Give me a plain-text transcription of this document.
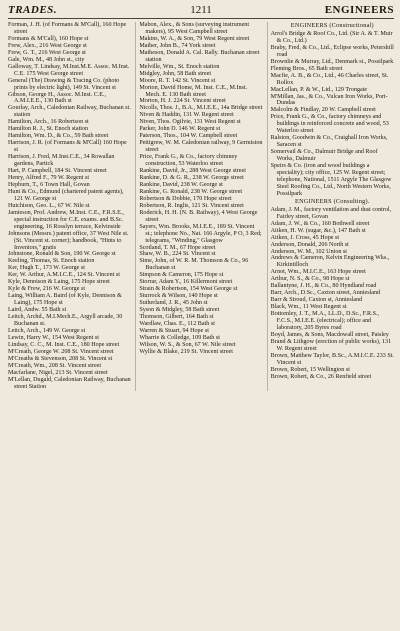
TRADES.	1211	ENGINEERS

Forman, J. H. (of Formans & M'Call), 160 Hope street

Formans & M'Call), 160 Hope st

Frew, Alex., 216 West George st

Frew, G. T., 216 West George st

Gale, Wm. M., 48 John st., city

Galloway, T. Lindsay, M.Inst.M.E. Assoc. M.Inst. C.E. 175 West George street

General (The) Drawing & Tracing Co. (photo prints by electric light), 149 St. Vincent st

Gibson, George H., Assoc. M.Inst. C.E., A.M.I.E.E., 130 Bath st

Gourlay, Arch., Caledonian Railway, Buchanan st. station

Hamilton, Arch., 16 Robertson st

Hamilton R. J., St. Enoch station

Hamilton, Wm. D., & Co., 59 Bath street

Harrison, J. R. (of Formans & M'Call) 160 Hope st

Harrison, J. Fred, M.Inst.C.E., 34 Rowallan gardens, Partick

Hart, P. Campbell, 184 St. Vincent street

Henry, Alfred F., 79 W. Regent st

Hepburn, T., 6 Town Hall, Govan

Hunt & Co., Edmund (chartered patent agents), 121 W. George st

Hutchison, Geo. L., 67 W. Nile st

Jamieson, Prof. Andrew, M.Inst. C.E., F.R.S.E., special instruction for C.E. exams. and B.Sc. engineering, 16 Rosslyn terrace, Kelvinside

Johnsons (Messrs.) patent office, 37 West Nile st. (St. Vincent st. corner); handbook, "Hints to Inventors," gratis

Johnstone, Ronald & Son, 190 W. George st

Keeling, Thomas, St. Enoch station

Ker, Hugh T., 173 W. George st

Ker, W. Arthur, A.M.I.C.E., 124 St. Vincent st

Kyle, Dennison & Laing, 175 Hope street

Kyle & Frew, 216 W. George st

Laing, William A. Baird (of Kyle, Dennison & Laing), 175 Hope st

Laird, Andw. 55 Bath st

Leitch, Archd., M.I.Mech.E., Argyll arcade, 30 Buchanan st.

Leitch, Arch., 149 W. George st

Lewin, Harry W., 154 West Regent st

Lindsay, C. C., M. Inst. C.E., 180 Hope street

M'Creath, George W. 208 St. Vincent street

M'Creaths & Stevenson, 208 St. Vincent st

M'Creath, Wm., 208 St. Vincent street

Macfarlane, Nigel, 213 St. Vincent street

M'Lellan, Dugald, Caledonian Railway, Buchanan street Station

Mabon, Alex., & Sons (surveying instrument makers), 95 West Campbell street

Makins, W. A., & Son, 79 West Regent street

Mather, John B., 74 York street

Matheson, Donald A. Cal. Rally. Buchanan street station

Melville, Wm., St. Enoch station

Midgley, John, 58 Bath street

Moore, R. T. 142 St. Vincent st

Morton, David Home, M. Inst. C.E., M.Inst. Mech. E. 130 Bath street

Morton, H. J. 224 St. Vincent street

Nicolls, Thos. J., B.A., M.I.E.E., 14a Bridge street

Niven & Haddin, 131 W. Regent street

Niven, Thos. Ogilvie, 131 West Regent st

Parker, John D. 146 W. Regent st

Paterson, Thos., 104 W. Campbell street

Pettigrew, W. M. Caledonian railway, 9 Germiston street

Price, Frank G., & Co., factory chimney construction, 53 Waterloo street

Rankine, David, Jr., 288 West George street

Rankine, D. & G. R., 238 W. George street

Rankine, David, 238 W. George st

Rankine, G. Ronald, 238 W. George street

Robertson & Dobbie, 170 Hope street

Robertson, R. Inglis, 121 St. Vincent street

Roderick, H. H. (N. B. Railway), 4 West George street

Sayers, Wm. Brooks, M.I.E.E., 189 St. Vincent st.; telephone No., Nat. 166 Argyle, P O, 3 Red; telegrams, "Winding," Glasgow

Scotland, T. M., 67 Hope street

Shaw, W. B., 224 St. Vincent st

Sime, John, of W. R. M. Thomson & Co., 96 Buchanan st

Simpson & Cameron, 175 Hope st

Storrar, Adam Y., 16 Killermont street

Strain & Robertson, 154 West George st

Sturrock & Wilson, 140 Hope st

Sutherland, J. R., 45 John st

Syson & Midgley, 58 Bath street

Thomson, Gilbert, 164 Bath st

Wardlaw, Chas. E., 112 Bath st

Warren & Stuart, 94 Hope st

Wharrie & Colledge, 109 Bath st

Wilson, W. S., & Son, 67 W. Nile street

Wyllie & Blake, 219 St. Vincent street

ENGINEERS (Constructional)

Arrol's Bridge & Roof Co., Ltd. (Sir A. & T. Muir & Co., Ltd.)

Braby, Fred, & Co., Ltd., Eclipse works, Petershill road

Brownlie & Murray, Ltd., Denmark st., Possilpark

Fleming Bros., 65 Bath street

Macfie, A. B., & Co., Ltd., 46 Charles street, St. Rollox

MacLellan, P. & W., Ltd., 129 Trongate

M'Millan, Jas., & Co., Vulcan Iron Works, Port-Dundas

Malcolm & Findlay, 20 W. Campbell street

Price, Frank G., & Co., factory chimneys and buildings in reinforced concrete and wood, 53 Waterloo street

Ralston, Goodwin & Co., Craighall Iron Works, Saracen st

Somervail & Co., Dalmuir Bridge and Roof Works, Dalmuir

Speirs & Co. (iron and wood buildings a speciality); city office, 125 W. Regent street; telephone, National, 1511 Argyle The Glasgow Steel Roofing Co., Ltd., North Western Works, Possilpark

ENGINEERS (Consulting).

Adam, J. M., factory ventilation and dust control, Fairley street, Govan

Adam, J. W., & Co., 160 Bothwell street

Aitken, H. W. (sugar, &c.), 147 Bath st

Aitken, J. Cross, 45 Hope st

Anderson, Donald, 206 North st

Anderson, W. M., 102 Union st

Andrews & Cameron, Kelvin Engineering Wks., Kirkintilloch

Arnot, Wm., M.I.C.E., 163 Hope street

Arthur, N. S., & Co., 98 Hope st

Ballantyne, J. H., & Co., 80 Hyndland road

Barr, Arch., D.Sc., Caxton street, Anniesland

Barr & Stroud, Caxton st, Anniesland

Black, Wm., 11 West Regent st

Bottomley, J. T., M.A., LL.D., D.Sc., F.R.S., F.C.S., M.I.E.E. (electrical); office and laboratory, 205 Byres road

Boyd, James, & Sons, Macdowall street, Paisley

Brand & Lithgow (erection of public works), 131 W. Regent street

Brown, Matthew Taylor, B.Sc., A.M.I.C.E. 233 St. Vincent st

Brown, Robert, 15 Wellington st

Brown, Robert, & Co., 26 Renfield street
